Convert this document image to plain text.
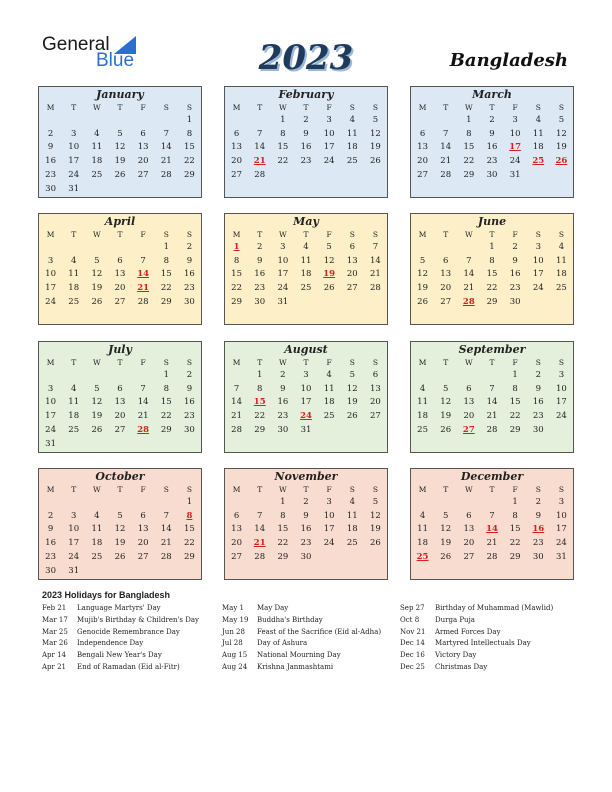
General
Blue	2023	Bangladesh
January
M	T	W	T	F	S	S
						1
2	3	4	5	6	7	8
9	10	11	12	13	14	15
16	17	18	19	20	21	22
23	24	25	26	27	28	29
30	31					
February
M	T	W	T	F	S	S
		1	2	3	4	5
6	7	8	9	10	11	12
13	14	15	16	17	18	19
20	21	22	23	24	25	26
27	28					
March
M	T	W	T	F	S	S
		1	2	3	4	5
6	7	8	9	10	11	12
13	14	15	16	17	18	19
20	21	22	23	24	25	26
27	28	29	30	31		
April
M	T	W	T	F	S	S
					1	2
3	4	5	6	7	8	9
10	11	12	13	14	15	16
17	18	19	20	21	22	23
24	25	26	27	28	29	30
May
M	T	W	T	F	S	S
1	2	3	4	5	6	7
8	9	10	11	12	13	14
15	16	17	18	19	20	21
22	23	24	25	26	27	28
29	30	31				
June
M	T	W	T	F	S	S
			1	2	3	4
5	6	7	8	9	10	11
12	13	14	15	16	17	18
19	20	21	22	23	24	25
26	27	28	29	30		
July
M	T	W	T	F	S	S
					1	2
3	4	5	6	7	8	9
10	11	12	13	14	15	16
17	18	19	20	21	22	23
24	25	26	27	28	29	30
31						
August
M	T	W	T	F	S	S
	1	2	3	4	5	6
7	8	9	10	11	12	13
14	15	16	17	18	19	20
21	22	23	24	25	26	27
28	29	30	31			
September
M	T	W	T	F	S	S
				1	2	3
4	5	6	7	8	9	10
11	12	13	14	15	16	17
18	19	20	21	22	23	24
25	26	27	28	29	30	
October
M	T	W	T	F	S	S
						1
2	3	4	5	6	7	8
9	10	11	12	13	14	15
16	17	18	19	20	21	22
23	24	25	26	27	28	29
30	31					
November
M	T	W	T	F	S	S
		1	2	3	4	5
6	7	8	9	10	11	12
13	14	15	16	17	18	19
20	21	22	23	24	25	26
27	28	29	30			
December
M	T	W	T	F	S	S
				1	2	3
4	5	6	7	8	9	10
11	12	13	14	15	16	17
18	19	20	21	22	23	24
25	26	27	28	29	30	31
2023 Holidays for Bangladesh
Feb 21 Language Martyrs' Day
Mar 17 Mujib's Birthday & Children's Day
Mar 25 Genocide Remembrance Day
Mar 26 Independence Day
Apr 14 Bengali New Year's Day
Apr 21 End of Ramadan (Eid al-Fitr)
May 1 May Day
May 19 Buddha's Birthday
Jun 28 Feast of the Sacrifice (Eid al-Adha)
Jul 28 Day of Ashura
Aug 15 National Mourning Day
Aug 24 Krishna Janmashtami
Sep 27 Birthday of Muhammad (Mawlid)
Oct 8 Durga Puja
Nov 21 Armed Forces Day
Dec 14 Martyred Intellectuals Day
Dec 16 Victory Day
Dec 25 Christmas Day
